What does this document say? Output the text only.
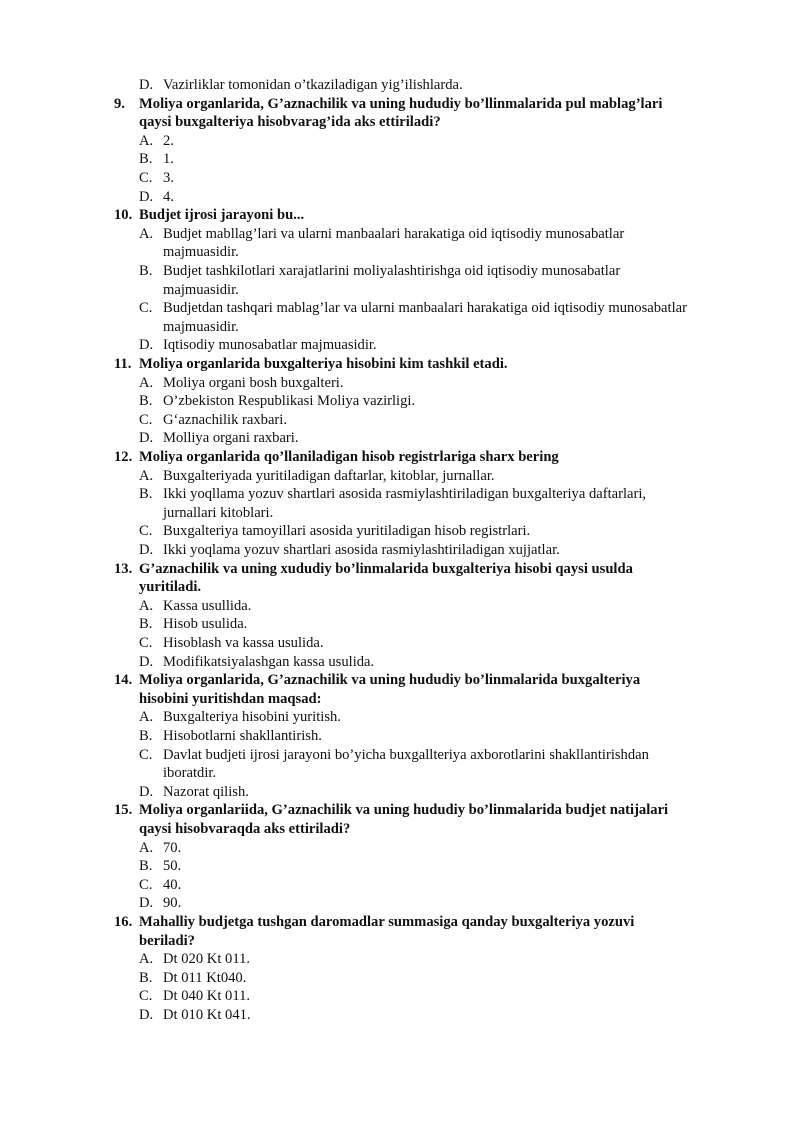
D. Vazirliklar tomonidan o’tkaziladigan yig’ilishlarda.
9. Moliya organlarida, G’aznachilik va uning hududiy bo’llinmalarida pul mablag’lari
qaysi buxgalteriya hisobvarag’ida aks ettiriladi?
A. 2.
B. 1.
C. 3.
D. 4.
10. Budjet ijrosi jarayoni bu...
A. Budjet mabllag’lari va ularni manbaalari harakatiga oid iqtisodiy munosabatlar
majmuasidir.
B. Budjet tashkilotlari xarajatlarini moliyalashtirishga oid iqtisodiy munosabatlar
majmuasidir.
C. Budjetdan tashqari mablag’lar va ularni manbaalari harakatiga oid iqtisodiy munosabatlar
majmuasidir.
D. Iqtisodiy munosabatlar majmuasidir.
11. Moliya organlarida buxgalteriya hisobini kim tashkil etadi.
A. Moliya organi bosh buxgalteri.
B. O’zbekiston Respublikasi Moliya vazirligi.
C. G‘aznachilik raxbari.
D. Molliya organi raxbari.
12. Moliya organlarida qo’llaniladigan hisob registrlariga sharx bering
A. Buxgalteriyada yuritiladigan daftarlar, kitoblar, jurnallar.
B. Ikki yoqllama yozuv shartlari asosida rasmiylashtiriladigan buxgalteriya daftarlari,
jurnallari kitoblari.
C. Buxgalteriya tamoyillari asosida yuritiladigan hisob registrlari.
D. Ikki yoqlama yozuv shartlari asosida rasmiylashtiriladigan xujjatlar.
13. G’aznachilik va uning xududiy bo’linmalarida buxgalteriya hisobi qaysi usulda
yuritiladi.
A. Kassa usullida.
B. Hisob usulida.
C. Hisoblash va kassa usulida.
D. Modifikatsiyalashgan kassa usulida.
14. Moliya organlarida, G’aznachilik va uning hududiy bo’linmalarida buxgalteriya
hisobini yuritishdan maqsad:
A. Buxgalteriya hisobini yuritish.
B. Hisobotlarni shakllantirish.
C. Davlat budjeti ijrosi jarayoni bo’yicha buxgallteriya axborotlarini shakllantirishdan
iboratdir.
D. Nazorat qilish.
15. Moliya organlariida, G’aznachilik va uning hududiy bo’linmalarida budjet natijalari
qaysi hisobvaraqda aks ettiriladi?
A. 70.
B. 50.
C. 40.
D. 90.
16. Mahalliy budjetga tushgan daromadlar summasiga qanday buxgalteriya yozuvi
beriladi?
A. Dt 020 Kt 011.
B. Dt 011 Kt040.
C. Dt 040 Kt 011.
D. Dt 010 Kt 041.
